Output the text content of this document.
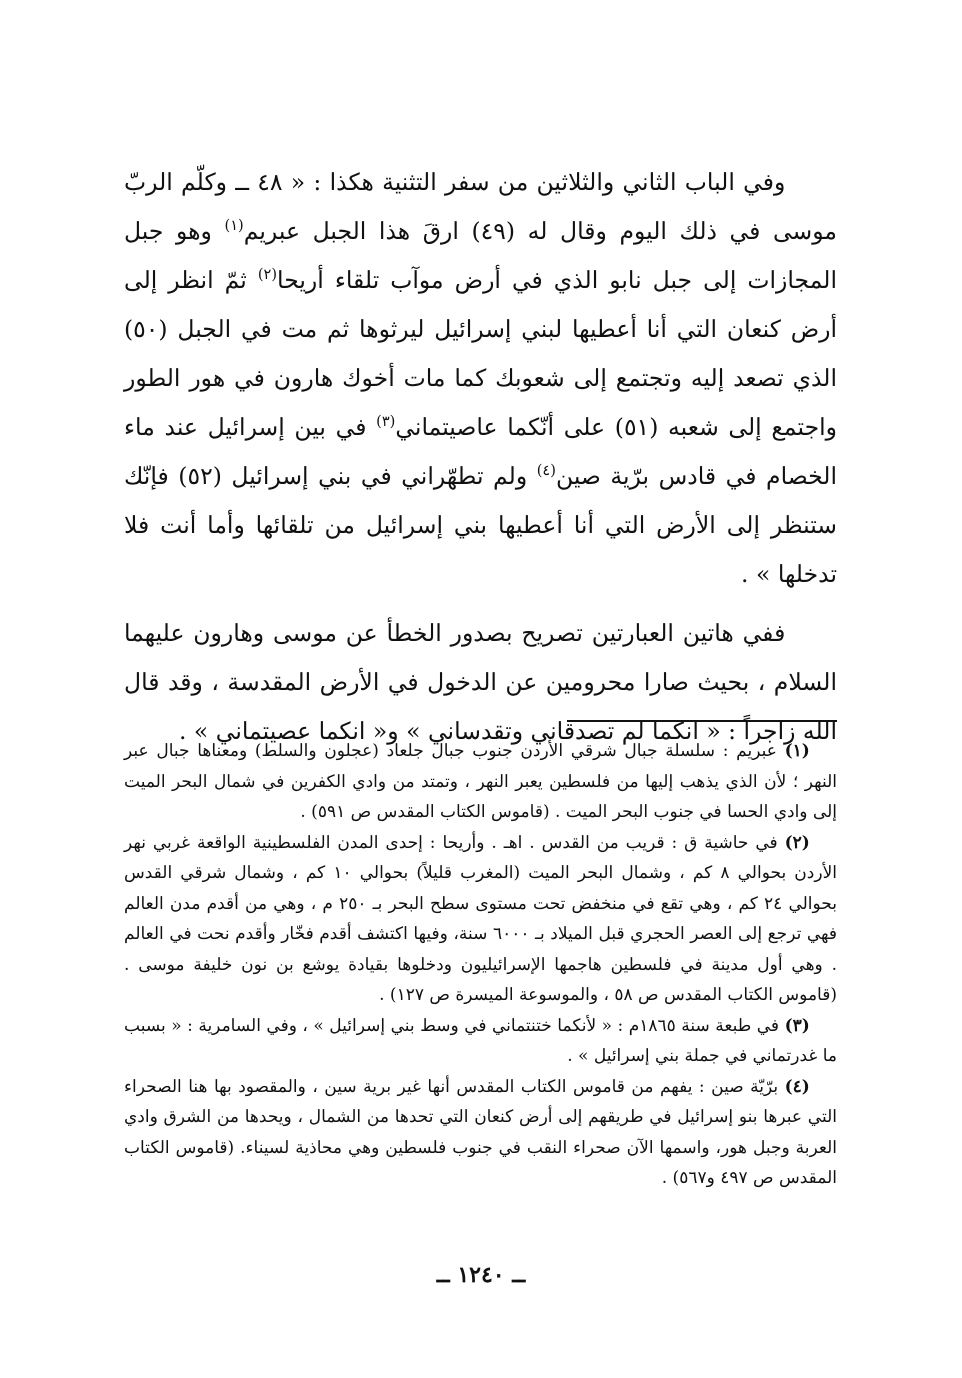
وفي الباب الثاني والثلاثين من سفر التثنية هكذا : « ٤٨ ــ وكلّم الربّ موسى في ذلك اليوم وقال له (٤٩) ارقَ هذا الجبل عبريم$^{(١)}$ وهو جبل المجازات إلى جبل نابو الذي في أرض موآب تلقاء أريحا$^{(٢)}$ ثمّ انظر إلى أرض كنعان التي أنا أعطيها لبني إسرائيل ليرثوها ثم مت في الجبل (٥٠) الذي تصعد إليه وتجتمع إلى شعوبك كما مات أخوك هارون في هور الطور واجتمع إلى شعبه (٥١) على أنّكما عاصيتماني$^{(٣)}$ في بين إسرائيل عند ماء الخصام في قادس برّية صين$^{(٤)}$ ولم تطهّراني في بني إسرائيل (٥٢) فإنّك ستنظر إلى الأرض التي أنا أعطيها بني إسرائيل من تلقائها وأما أنت فلا تدخلها » .

ففي هاتين العبارتين تصريح بصدور الخطأ عن موسى وهارون عليهما السلام ، بحيث صارا محرومين عن الدخول في الأرض المقدسة ، وقد قال الله زاجراً : « انكما لم تصدقاني وتقدساني » و« انكما عصيتماني » .

(١) عبريم : سلسلة جبال شرقي الأردن جنوب جبال جلعاد (عجلون والسلط) ومعناها جبال عبر النهر ؛ لأن الذي يذهب إليها من فلسطين يعبر النهر ، وتمتد من وادي الكفرين في شمال البحر الميت إلى وادي الحسا في جنوب البحر الميت . (قاموس الكتاب المقدس ص ٥٩١) .

(٢) في حاشية ق : قريب من القدس . اهـ . وأريحا : إحدى المدن الفلسطينية الواقعة غربي نهر الأردن بحوالي ٨ كم ، وشمال البحر الميت (المغرب قليلاً) بحوالي ١٠ كم ، وشمال شرقي القدس بحوالي ٢٤ كم ، وهي تقع في منخفض تحت مستوى سطح البحر بـ ٢٥٠ م ، وهي من أقدم مدن العالم فهي ترجع إلى العصر الحجري قبل الميلاد بـ ٦٠٠٠ سنة، وفيها اكتشف أقدم فخّار وأقدم نحت في العالم . وهي أول مدينة في فلسطين هاجمها الإسرائيليون ودخلوها بقيادة يوشع بن نون خليفة موسى . (قاموس الكتاب المقدس ص ٥٨ ، والموسوعة الميسرة ص ١٢٧) .

(٣) في طبعة سنة ١٨٦٥م : « لأنكما ختنتماني في وسط بني إسرائيل » ، وفي السامرية : « بسبب ما غدرتماني في جملة بني إسرائيل » .

(٤) برّيّة صين : يفهم من قاموس الكتاب المقدس أنها غير برية سين ، والمقصود بها هنا الصحراء التي عبرها بنو إسرائيل في طريقهم إلى أرض كنعان التي تحدها من الشمال ، ويحدها من الشرق وادي العربة وجبل هور، واسمها الآن صحراء النقب في جنوب فلسطين وهي محاذية لسيناء. (قاموس الكتاب المقدس ص ٤٩٧ و٥٦٧) .

ــ ١٢٤٠ ــ
